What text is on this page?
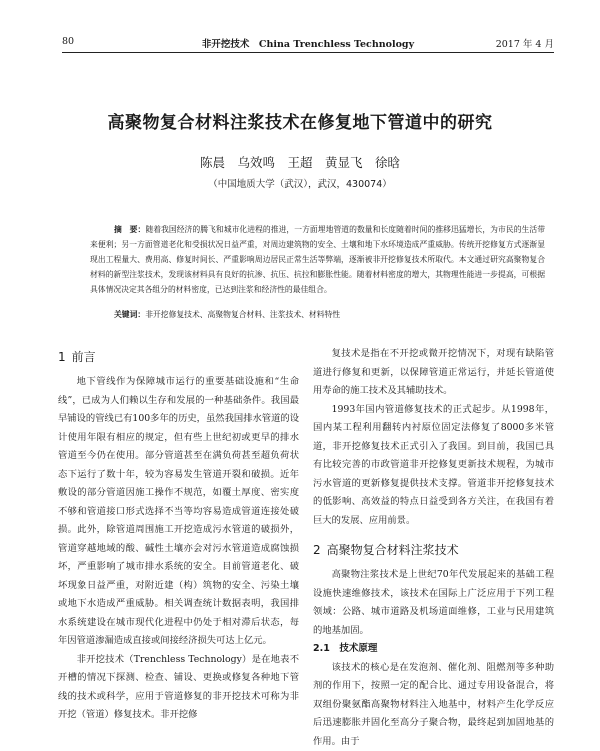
80	非开挖技术　China Trenchless Technology	2017 年 4 月
高聚物复合材料注浆技术在修复地下管道中的研究
陈晨　乌效鸣　王超　黄显飞　徐晗
（中国地质大学（武汉），武汉，430074）
摘　要：随着我国经济的腾飞和城市化进程的推进，一方面埋地管道的数量和长度随着时间的推移迅猛增长，为市民的生活带来便利；另一方面管道老化和受损状况日益严重，对周边建筑物的安全、土壤和地下水环境造成严重威胁。传统开挖修复方式逐渐显现出工程量大、费用高、修复时间长、严重影响周边居民正常生活等弊端，逐渐被非开挖修复技术所取代。本文通过研究高聚物复合材料的新型注浆技术，发现该材料具有良好的抗渗、抗压、抗拉和膨胀性能。随着材料密度的增大，其物理性能进一步提高，可根据具体情况决定其各组分的材料密度，已达到注浆和经济性的最佳组合。
关键词：非开挖修复技术、高聚物复合材料、注浆技术、材料特性
1 前言

地下管线作为保障城市运行的重要基础设施和“生命线”，已成为人们赖以生存和发展的一种基础条件。我国最早铺设的管线已有100多年的历史，虽然我国排水管道的设计使用年限有相应的规定，但有些上世纪初或更早的排水管道至今仍在使用。部分管道甚至在满负荷甚至超负荷状态下运行了数十年，较为容易发生管道开裂和破损。近年敷设的部分管道因施工操作不规范，如覆土厚度、密实度不够和管道接口形式选择不当等均容易造成管道连接处破损。此外，除管道周围施工开挖造成污水管道的破损外，管道穿越地域的酸、碱性土壤亦会对污水管道造成腐蚀损坏，严重影响了城市排水系统的安全。目前管道老化、破坏现象日益严重，对附近建（构）筑物的安全、污染土壤或地下水造成严重威胁。相关调查统计数据表明，我国排水系统建设在城市现代化进程中仍处于相对滞后状态，每年因管道渗漏造成直接或间接经济损失可达上亿元。

非开挖技术（Trenchless Technology）是在地表不开槽的情况下探测、检查、铺设、更换或修复各种地下管线的技术或科学，应用于管道修复的非开挖技术可称为非开挖（管道）修复技术。非开挖修

复技术是指在不开挖或微开挖情况下，对现有缺陷管道进行修复和更新，以保障管道正常运行，并延长管道使用寿命的施工技术及其辅助技术。

1993年国内管道修复技术的正式起步。从1998年，国内某工程利用翻转内衬原位固定法修复了8000多米管道，非开挖修复技术正式引入了我国。到目前，我国已具有比较完善的市政管道非开挖修复更新技术规程，为城市污水管道的更新修复提供技术支撑。管道非开挖修复技术的低影响、高效益的特点日益受到各方关注，在我国有着巨大的发展、应用前景。

2 高聚物复合材料注浆技术

高聚物注浆技术是上世纪70年代发展起来的基础工程设施快速维修技术，该技术在国际上广泛应用于下列工程领域：公路、城市道路及机场道面维修，工业与民用建筑的地基加固。

2.1　技术原理

该技术的核心是在发泡剂、催化剂、阻燃剂等多种助剂的作用下，按照一定的配合比、通过专用设备混合，将双组份聚氨酯高聚物材料注入地基中，材料产生化学反应后迅速膨胀并固化至高分子聚合物，最终起到加固地基的作用。由于
